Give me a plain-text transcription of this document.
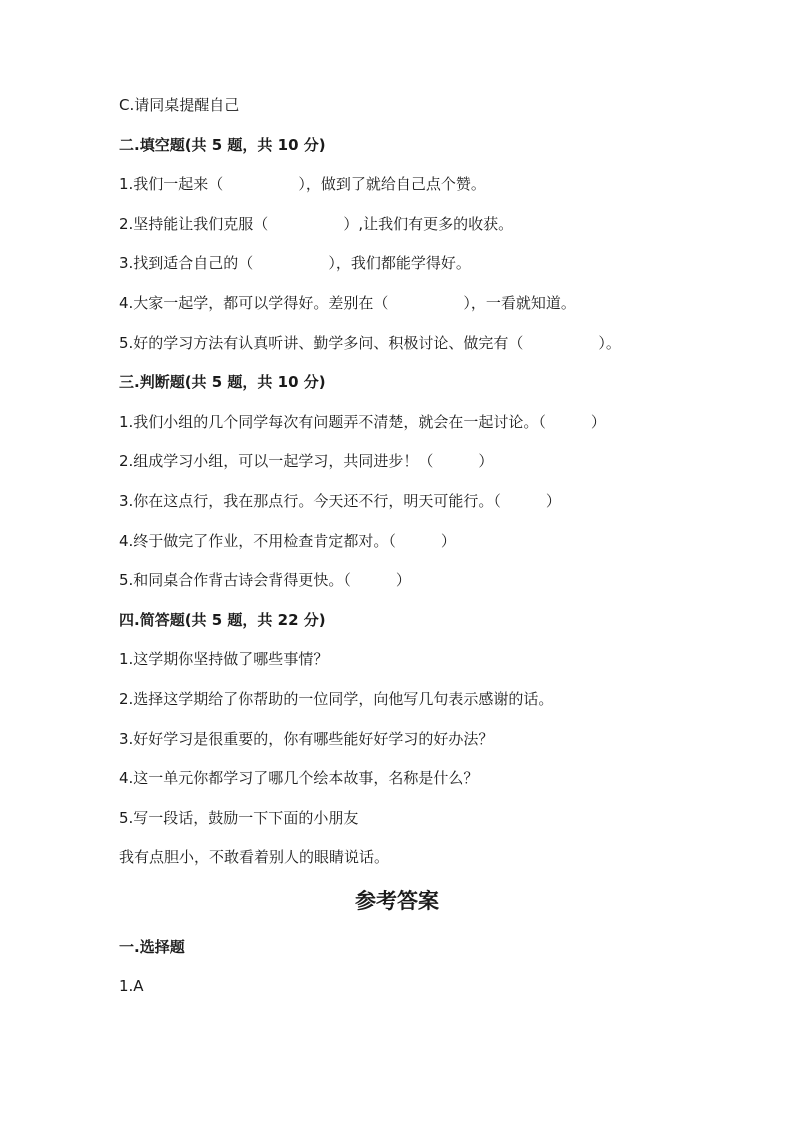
C.请同桌提醒自己
二.填空题(共 5 题，共 10 分)
1.我们一起来（　　　　　），做到了就给自己点个赞。
2.坚持能让我们克服（　　　　　）,让我们有更多的收获。
3.找到适合自己的（　　　　　），我们都能学得好。
4.大家一起学，都可以学得好。差别在（　　　　　），一看就知道。
5.好的学习方法有认真听讲、勤学多问、积极讨论、做完有（　　　　　）。
三.判断题(共 5 题，共 10 分)
1.我们小组的几个同学每次有问题弄不清楚，就会在一起讨论。（　　　）
2.组成学习小组，可以一起学习，共同进步！（　　　）
3.你在这点行，我在那点行。今天还不行，明天可能行。（　　　）
4.终于做完了作业，不用检查肯定都对。（　　　）
5.和同桌合作背古诗会背得更快。（　　　）
四.简答题(共 5 题，共 22 分)
1.这学期你坚持做了哪些事情？
2.选择这学期给了你帮助的一位同学，向他写几句表示感谢的话。
3.好好学习是很重要的，你有哪些能好好学习的好办法？
4.这一单元你都学习了哪几个绘本故事，名称是什么？
5.写一段话，鼓励一下下面的小朋友
我有点胆小，不敢看着别人的眼睛说话。
参考答案
一.选择题
1.A
